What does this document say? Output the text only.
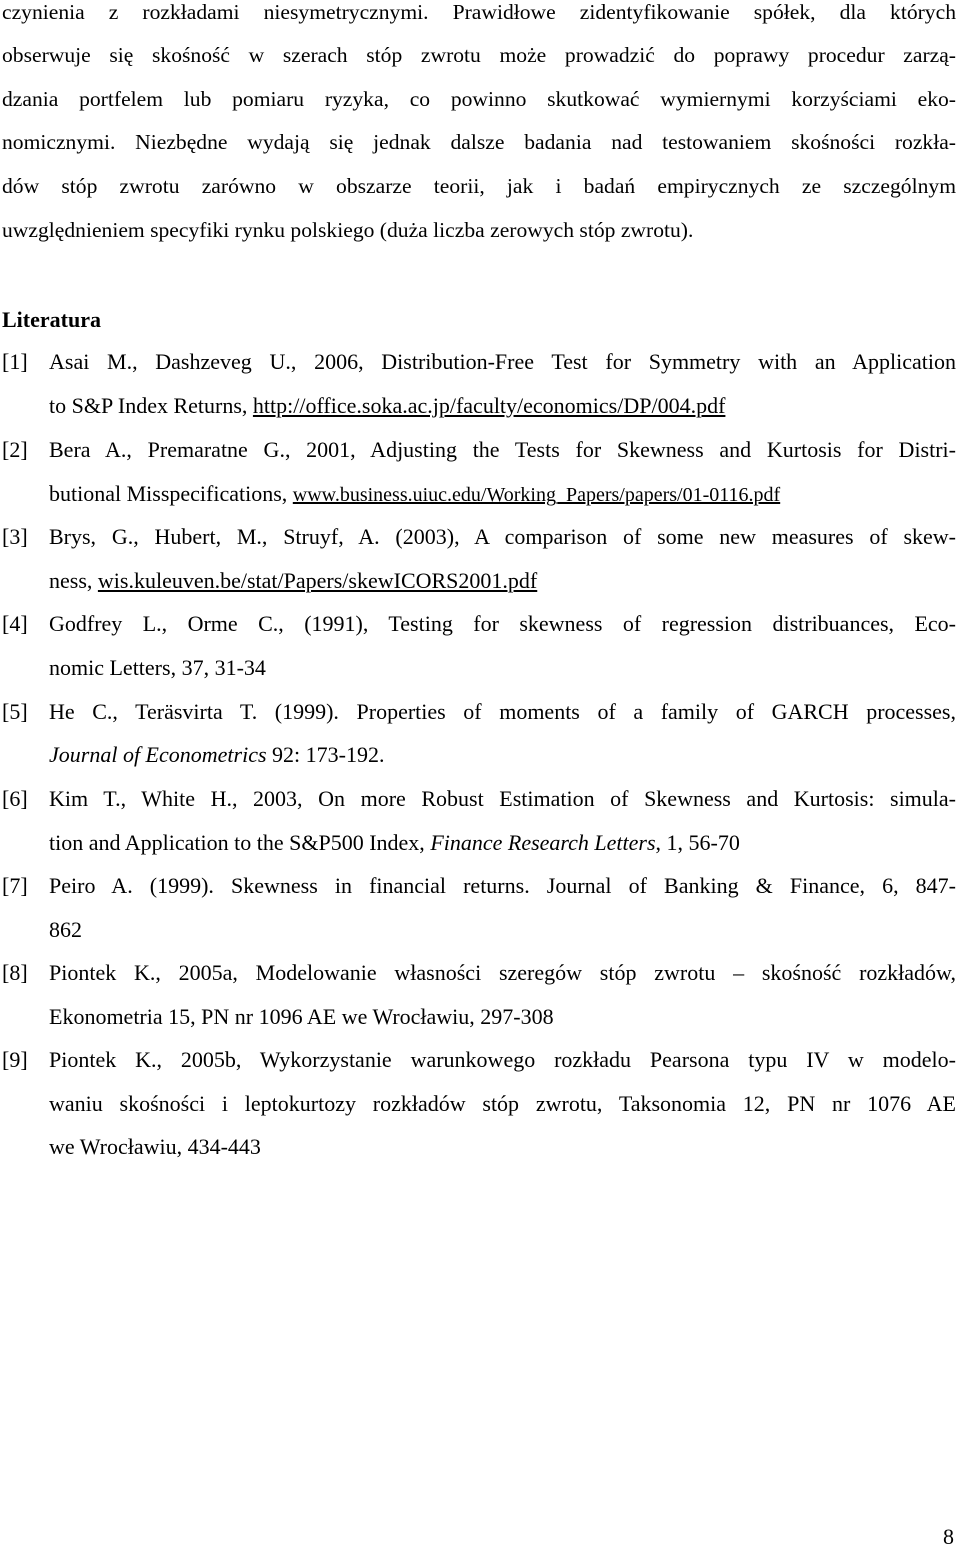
czynienia z rozkładami niesymetrycznymi. Prawidłowe zidentyfikowanie spółek, dla których
obserwuje się skośność w szerach stóp zwrotu może prowadzić do poprawy procedur zarzą-
dzania portfelem lub pomiaru ryzyka, co powinno skutkować wymiernymi korzyściami eko-
nomicznymi. Niezbędne wydają się jednak dalsze badania nad testowaniem skośności rozkła-
dów stóp zwrotu zarówno w obszarze teorii, jak i badań empirycznych ze szczególnym
uwzględnieniem specyfiki rynku polskiego (duża liczba zerowych stóp zwrotu).
Literatura
[1] Asai M., Dashzeveg U., 2006, Distribution-Free Test for Symmetry with an Application
to S&P Index Returns, http://office.soka.ac.jp/faculty/economics/DP/004.pdf
[2] Bera A., Premaratne G., 2001, Adjusting the Tests for Skewness and Kurtosis for Distri-
butional Misspecifications, www.business.uiuc.edu/Working_Papers/papers/01-0116.pdf
[3] Brys, G., Hubert, M., Struyf, A. (2003), A comparison of some new measures of skew-
ness, wis.kuleuven.be/stat/Papers/skewICORS2001.pdf
[4] Godfrey L., Orme C., (1991), Testing for skewness of regression distribuances, Eco-
nomic Letters, 37, 31-34
[5] He C., Teräsvirta T. (1999). Properties of moments of a family of GARCH processes,
Journal of Econometrics 92: 173-192.
[6] Kim T., White H., 2003, On more Robust Estimation of Skewness and Kurtosis: simula-
tion and Application to the S&P500 Index, Finance Research Letters, 1, 56-70
[7] Peiro A. (1999). Skewness in financial returns. Journal of Banking & Finance, 6, 847-
862
[8] Piontek K., 2005a, Modelowanie własności szeregów stóp zwrotu – skośność rozkładów,
Ekonometria 15, PN nr 1096 AE we Wrocławiu, 297-308
[9] Piontek K., 2005b, Wykorzystanie warunkowego rozkładu Pearsona typu IV w modelo-
waniu skośności i leptokurtozy rozkładów stóp zwrotu, Taksonomia 12, PN nr 1076 AE
we Wrocławiu, 434-443
8
